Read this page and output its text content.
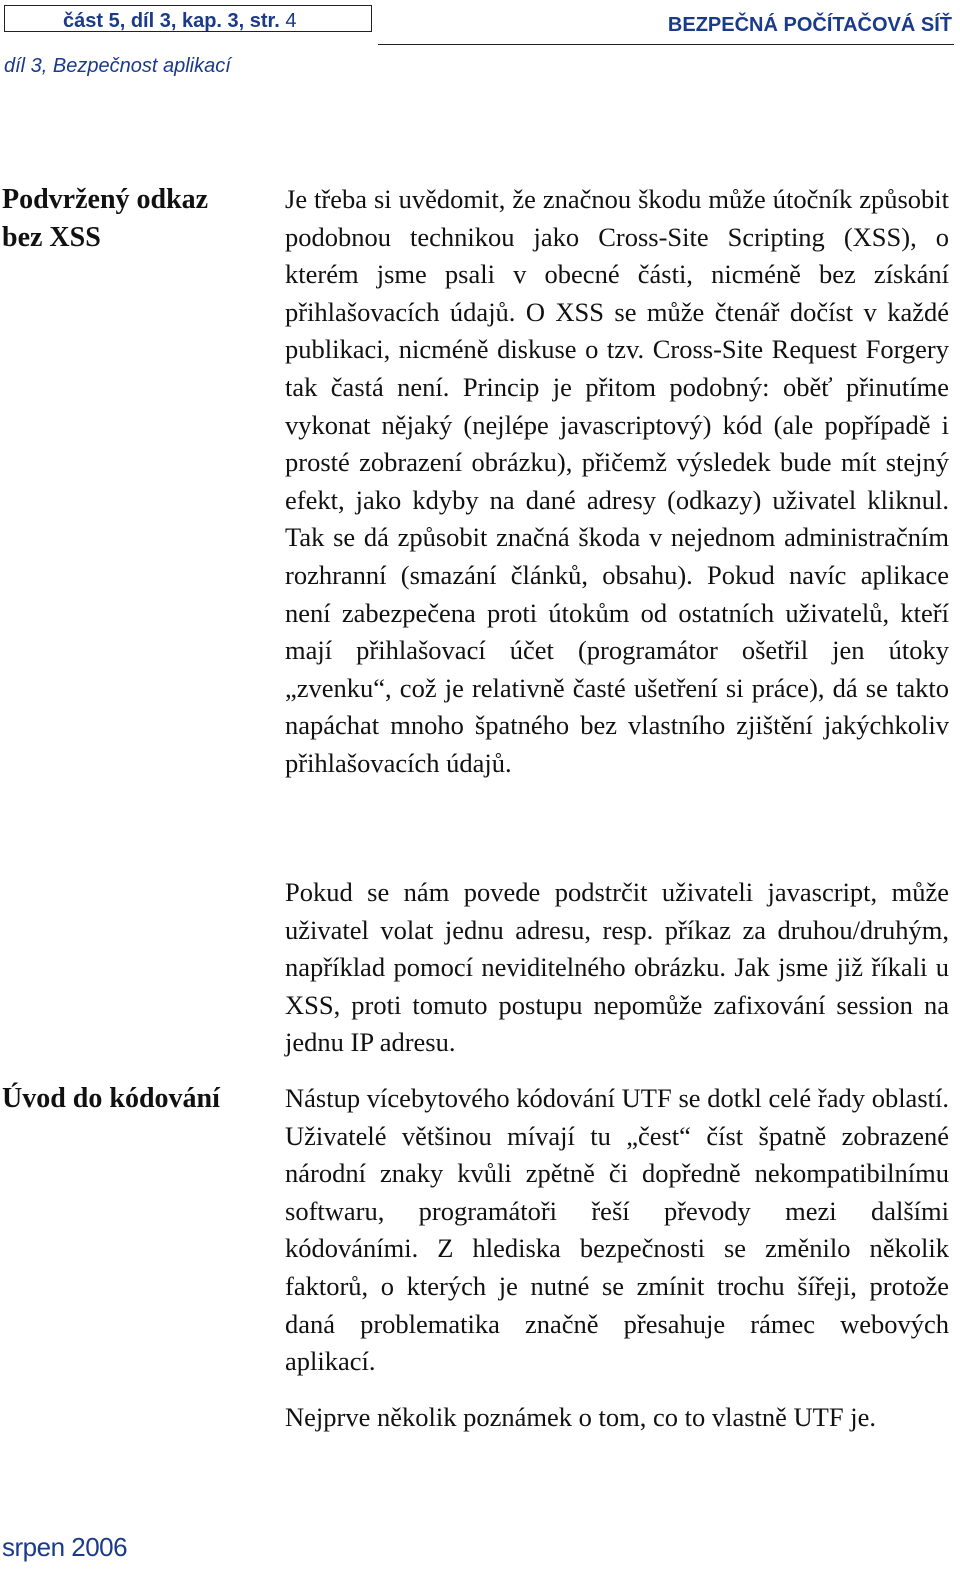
část 5, díl 3, kap. 3, str. 4	BEZPEČNÁ POČÍTAČOVÁ SÍŤ
díl 3, Bezpečnost aplikací
Podvržený odkaz bez XSS

Je třeba si uvědomit, že značnou škodu může útočník způsobit podobnou technikou jako Cross-Site Scripting (XSS), o kterém jsme psali v obecné části, nicméně bez získání přihlašovacích údajů. O XSS se může čtenář dočíst v každé publikaci, nicméně diskuse o tzv. Cross-Site Request Forgery tak častá není. Princip je přitom podobný: oběť přinutíme vykonat nějaký (nejlépe javascriptový) kód (ale popřípadě i prosté zobrazení obrázku), přičemž výsledek bude mít stejný efekt, jako kdyby na dané adresy (odkazy) uživatel kliknul. Tak se dá způsobit značná škoda v nejednom administračním rozhranní (smazání článků, obsahu). Pokud navíc aplikace není zabezpečena proti útokům od ostatních uživatelů, kteří mají přihlašovací účet (programátor ošetřil jen útoky „zvenku“, což je relativně časté ušetření si práce), dá se takto napáchat mnoho špatného bez vlastního zjištění jakýchkoliv přihlašovacích údajů.

Pokud se nám povede podstrčit uživateli javascript, může uživatel volat jednu adresu, resp. příkaz za druhou/druhým, například pomocí neviditelného obrázku. Jak jsme již říkali u XSS, proti tomuto postupu nepomůže zafixování session na jednu IP adresu.

Úvod do kódování	Nástup vícebytového kódování UTF se dotkl celé řady oblastí. Uživatelé většinou mívají tu „čest“ číst špatně zobrazené národní znaky kvůli zpětně či dopředně nekompatibilnímu softwaru, programátoři řeší převody mezi dalšími kódováními. Z hlediska bezpečnosti se změnilo několik faktorů, o kterých je nutné se zmínit trochu šířeji, protože daná problematika značně přesahuje rámec webových aplikací.

Nejprve několik poznámek o tom, co to vlastně UTF je.

srpen 2006
